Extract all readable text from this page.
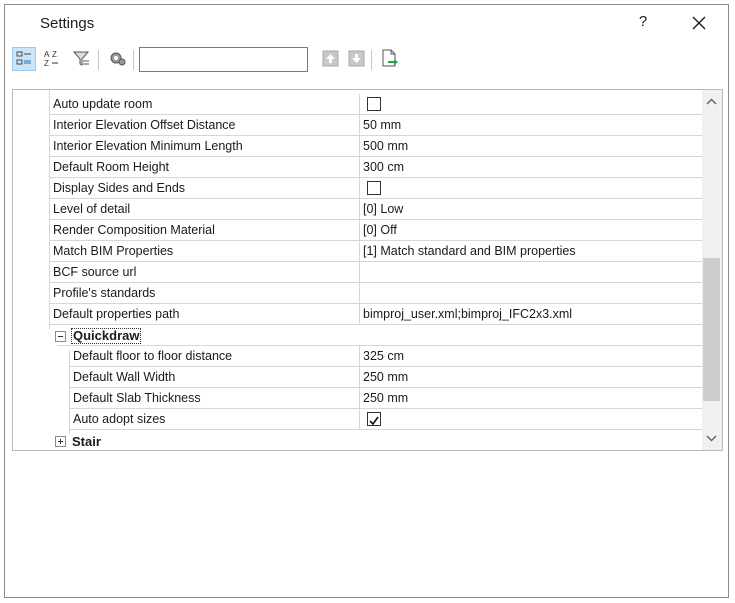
Settings	?
A Z
Z
Auto update room
Interior Elevation Offset Distance	50 mm
Interior Elevation Minimum Length	500 mm
Default Room Height	300 cm
Display Sides and Ends
Level of detail	[0] Low
Render Composition Material	[0] Off
Match BIM Properties	[1] Match standard and BIM properties
BCF source url
Profile's standards
Default properties path	bimproj_user.xml;bimproj_IFC2x3.xml
Quickdraw
Default floor to floor distance	325 cm
Default Wall Width	250 mm
Default Slab Thickness	250 mm
Auto adopt sizes
Stair
